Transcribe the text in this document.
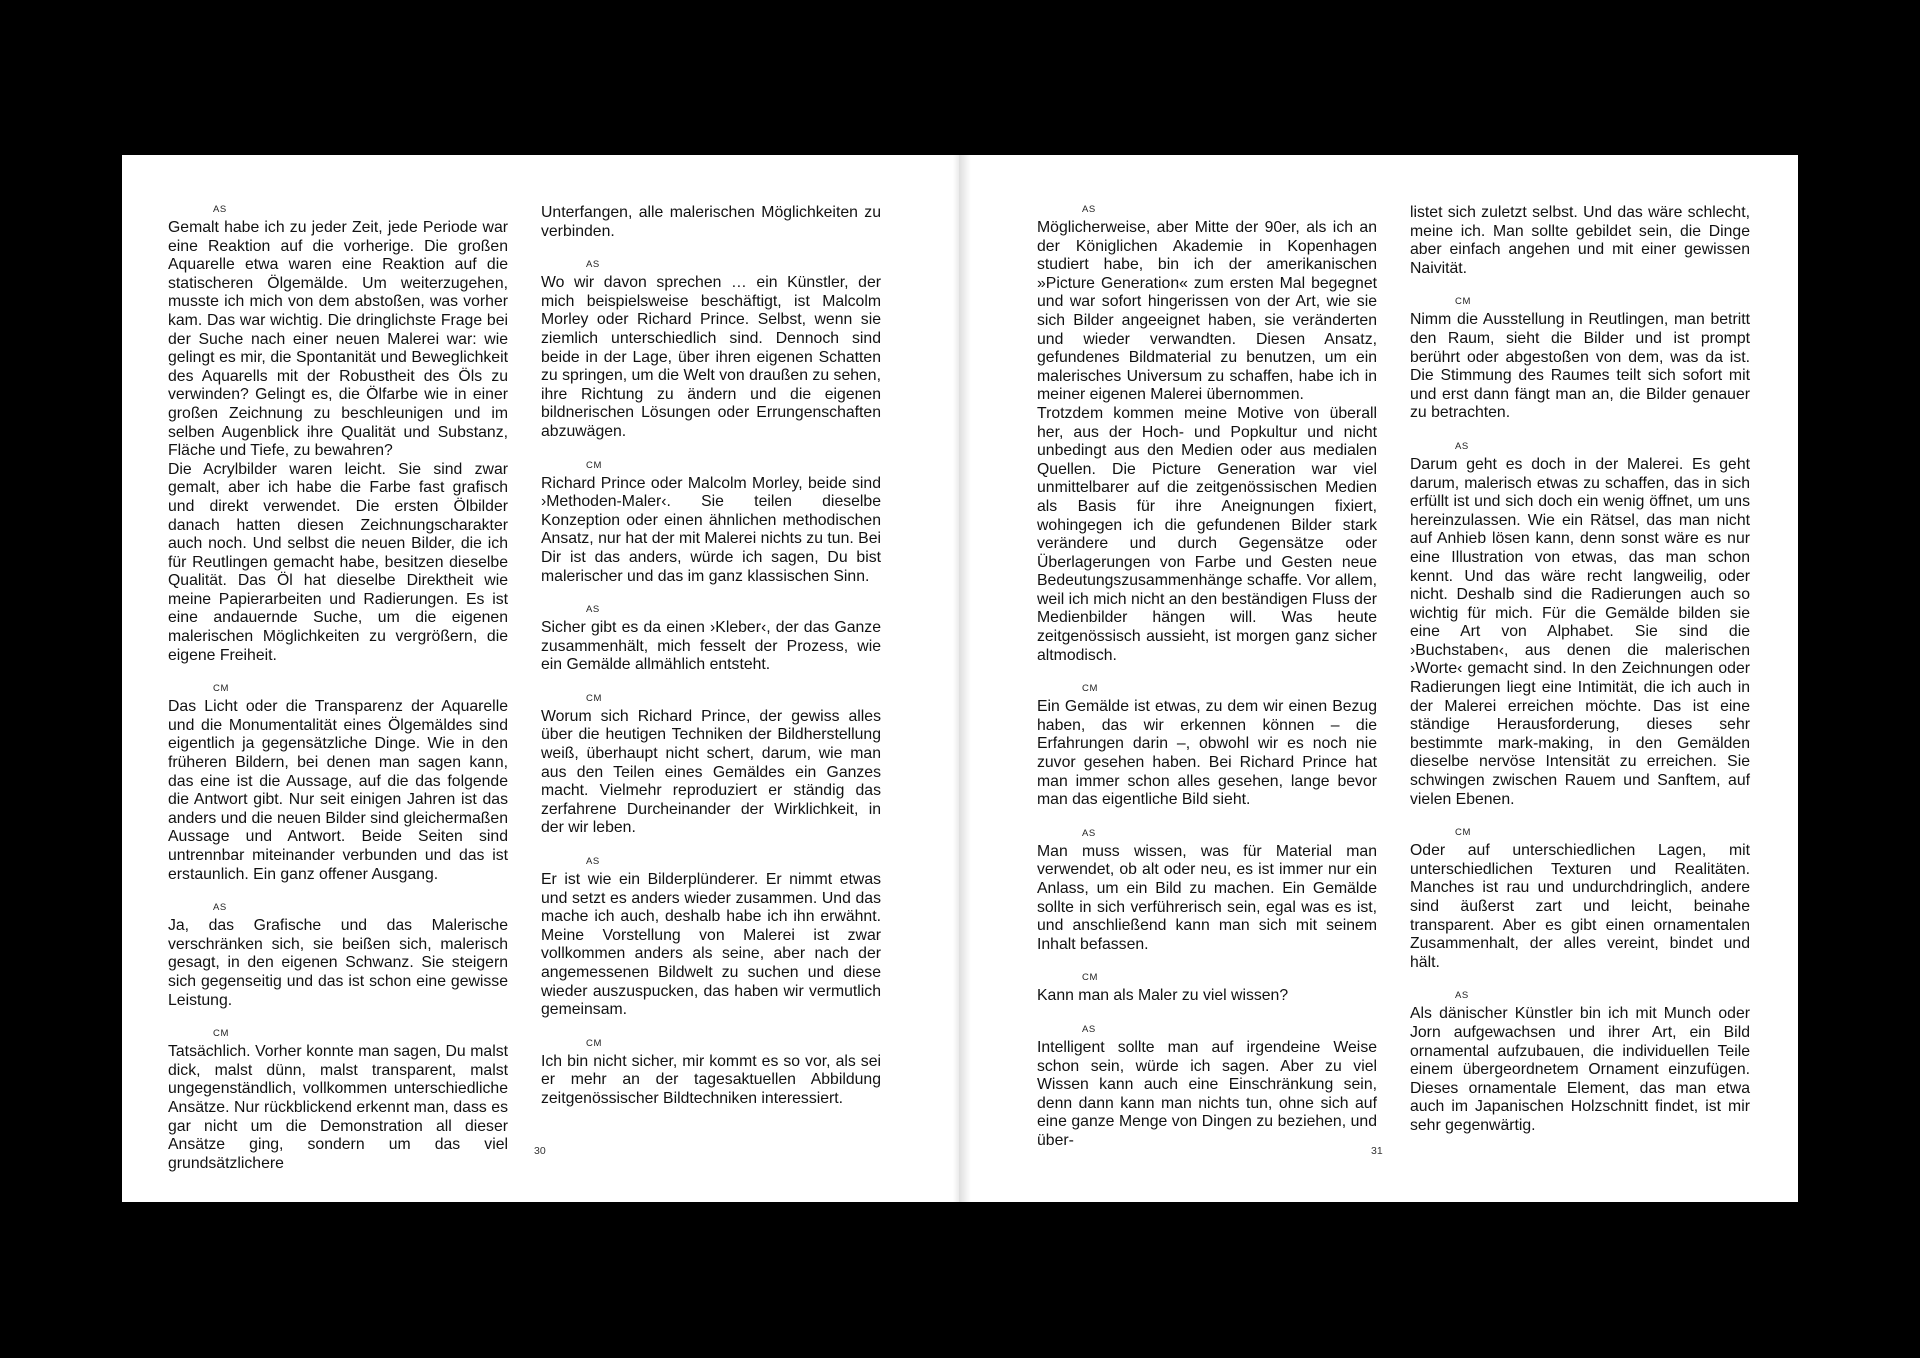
AS

Gemalt habe ich zu jeder Zeit, jede Periode war eine Reaktion auf die vorherige. Die großen Aquarelle etwa waren eine Reaktion auf die statischeren Ölgemälde. Um weiterzugehen, musste ich mich von dem abstoßen, was vorher kam. Das war wichtig. Die dringlichste Frage bei der Suche nach einer neuen Malerei war: wie gelingt es mir, die Spontanität und Beweglichkeit des Aquarells mit der Robustheit des Öls zu verwinden? Gelingt es, die Ölfarbe wie in einer großen Zeichnung zu beschleunigen und im selben Augenblick ihre Qualität und Substanz, Fläche und Tiefe, zu bewahren?

Die Acrylbilder waren leicht. Sie sind zwar gemalt, aber ich habe die Farbe fast grafisch und direkt verwendet. Die ersten Ölbilder danach hatten diesen Zeichnungscharakter auch noch. Und selbst die neuen Bilder, die ich für Reutlingen gemacht habe, besitzen dieselbe Qualität. Das Öl hat dieselbe Direktheit wie meine Papierarbeiten und Radierungen. Es ist eine andauernde Suche, um die eigenen malerischen Möglichkeiten zu vergrößern, die eigene Freiheit.

CM

Das Licht oder die Transparenz der Aquarelle und die Monumentalität eines Ölgemäldes sind eigentlich ja gegensätzliche Dinge. Wie in den früheren Bildern, bei denen man sagen kann, das eine ist die Aussage, auf die das folgende die Antwort gibt. Nur seit einigen Jahren ist das anders und die neuen Bilder sind gleichermaßen Aussage und Antwort. Beide Seiten sind untrennbar miteinander verbunden und das ist erstaunlich. Ein ganz offener Ausgang.

AS

Ja, das Grafische und das Malerische verschränken sich, sie beißen sich, malerisch gesagt, in den eigenen Schwanz. Sie steigern sich gegenseitig und das ist schon eine gewisse Leistung.

CM

Tatsächlich. Vorher konnte man sagen, Du malst dick, malst dünn, malst transparent, malst ungegenständlich, vollkommen unterschiedliche Ansätze. Nur rückblickend erkennt man, dass es gar nicht um die Demonstration all dieser Ansätze ging, sondern um das viel grundsätzlichere

Unterfangen, alle malerischen Möglichkeiten zu verbinden.

AS

Wo wir davon sprechen … ein Künstler, der mich beispielsweise beschäftigt, ist Malcolm Morley oder Richard Prince. Selbst, wenn sie ziemlich unterschiedlich sind. Dennoch sind beide in der Lage, über ihren eigenen Schatten zu springen, um die Welt von draußen zu sehen, ihre Richtung zu ändern und die eigenen bildnerischen Lösungen oder Errungenschaften abzuwägen.

CM

Richard Prince oder Malcolm Morley, beide sind ›Methoden-Maler‹. Sie teilen dieselbe Konzeption oder einen ähnlichen methodischen Ansatz, nur hat der mit Malerei nichts zu tun. Bei Dir ist das anders, würde ich sagen, Du bist malerischer und das im ganz klassischen Sinn.

AS

Sicher gibt es da einen ›Kleber‹, der das Ganze zusammenhält, mich fesselt der Prozess, wie ein Gemälde allmählich entsteht.

CM

Worum sich Richard Prince, der gewiss alles über die heutigen Techniken der Bildherstellung weiß, überhaupt nicht schert, darum, wie man aus den Teilen eines Gemäldes ein Ganzes macht. Vielmehr reproduziert er ständig das zerfahrene Durcheinander der Wirklichkeit, in der wir leben.

AS

Er ist wie ein Bilderplünderer. Er nimmt etwas und setzt es anders wieder zusammen. Und das mache ich auch, deshalb habe ich ihn erwähnt. Meine Vorstellung von Malerei ist zwar vollkommen anders als seine, aber nach der angemessenen Bildwelt zu suchen und diese wieder auszuspucken, das haben wir vermutlich gemeinsam.

CM

Ich bin nicht sicher, mir kommt es so vor, als sei er mehr an der tagesaktuellen Abbildung zeitgenössischer Bildtechniken interessiert.

30
AS

Möglicherweise, aber Mitte der 90er, als ich an der Königlichen Akademie in Kopenhagen studiert habe, bin ich der amerikanischen »Picture Generation« zum ersten Mal begegnet und war sofort hingerissen von der Art, wie sie sich Bilder angeeignet haben, sie veränderten und wieder verwandten. Diesen Ansatz, gefundenes Bildmaterial zu benutzen, um ein malerisches Universum zu schaffen, habe ich in meiner eigenen Malerei übernommen.

Trotzdem kommen meine Motive von überall her, aus der Hoch- und Popkultur und nicht unbedingt aus den Medien oder aus medialen Quellen. Die Picture Generation war viel unmittelbarer auf die zeitgenössischen Medien als Basis für ihre Aneignungen fixiert, wohingegen ich die gefundenen Bilder stark verändere und durch Gegensätze oder Überlagerungen von Farbe und Gesten neue Bedeutungszusammenhänge schaffe. Vor allem, weil ich mich nicht an den beständigen Fluss der Medienbilder hängen will. Was heute zeitgenössisch aussieht, ist morgen ganz sicher altmodisch.

CM

Ein Gemälde ist etwas, zu dem wir einen Bezug haben, das wir erkennen können – die Erfahrungen darin –, obwohl wir es noch nie zuvor gesehen haben. Bei Richard Prince hat man immer schon alles gesehen, lange bevor man das eigentliche Bild sieht.

AS

Man muss wissen, was für Material man verwendet, ob alt oder neu, es ist immer nur ein Anlass, um ein Bild zu machen. Ein Gemälde sollte in sich verführerisch sein, egal was es ist, und anschließend kann man sich mit seinem Inhalt befassen.

CM

Kann man als Maler zu viel wissen?

AS

Intelligent sollte man auf irgendeine Weise schon sein, würde ich sagen. Aber zu viel Wissen kann auch eine Einschränkung sein, denn dann kann man nichts tun, ohne sich auf eine ganze Menge von Dingen zu beziehen, und über-

listet sich zuletzt selbst. Und das wäre schlecht, meine ich. Man sollte gebildet sein, die Dinge aber einfach angehen und mit einer gewissen Naivität.

CM

Nimm die Ausstellung in Reutlingen, man betritt den Raum, sieht die Bilder und ist prompt berührt oder abgestoßen von dem, was da ist. Die Stimmung des Raumes teilt sich sofort mit und erst dann fängt man an, die Bilder genauer zu betrachten.

AS

Darum geht es doch in der Malerei. Es geht darum, malerisch etwas zu schaffen, das in sich erfüllt ist und sich doch ein wenig öffnet, um uns hereinzulassen. Wie ein Rätsel, das man nicht auf Anhieb lösen kann, denn sonst wäre es nur eine Illustration von etwas, das man schon kennt. Und das wäre recht langweilig, oder nicht. Deshalb sind die Radierungen auch so wichtig für mich. Für die Gemälde bilden sie eine Art von Alphabet. Sie sind die ›Buchstaben‹, aus denen die malerischen ›Worte‹ gemacht sind. In den Zeichnungen oder Radierungen liegt eine Intimität, die ich auch in der Malerei erreichen möchte. Das ist eine ständige Herausforderung, dieses sehr bestimmte mark-making, in den Gemälden dieselbe nervöse Intensität zu erreichen. Sie schwingen zwischen Rauem und Sanftem, auf vielen Ebenen.

CM

Oder auf unterschiedlichen Lagen, mit unterschiedlichen Texturen und Realitäten. Manches ist rau und undurchdringlich, andere sind äußerst zart und leicht, beinahe transparent. Aber es gibt einen ornamentalen Zusammenhalt, der alles vereint, bindet und hält.

AS

Als dänischer Künstler bin ich mit Munch oder Jorn aufgewachsen und ihrer Art, ein Bild ornamental aufzubauen, die individuellen Teile einem übergeordnetem Ornament einzufügen. Dieses ornamentale Element, das man etwa auch im Japanischen Holzschnitt findet, ist mir sehr gegenwärtig.

31
